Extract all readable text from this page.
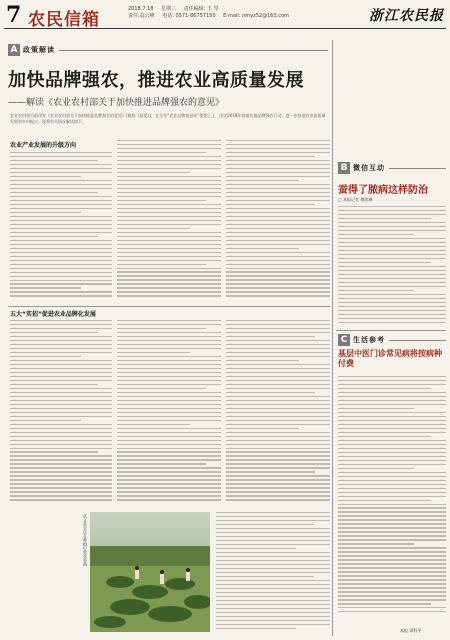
7 农民信箱
2018.7.18 星期三 责任编辑: 王 琴
责任:翁云峰 电话: 0571-86757150 E-mail: nmyz52@163.com	浙江农民报
A 政策解读
加快品牌强农，推进农业高质量发展
——解读《农业农村部关于加快推进品牌强农的意见》
农业农村部日前印发《农业农村部关于加快推进品牌强农的意见》(简称《意见》)，在全年“农业品牌推进年”重要之上，决定2018年底前实施品牌强农行动，进一步推进农业高质量发展和乡村振兴，现将有关情况解读如下。
农业产业发展的升级方向
五大“实招”促进农业品牌化发展
武义县农民在种植中收获果蔬
B 微信互动
蚕得了脓病这样防治
□ 本报记者 傅凯琳
C 生活参考
基层中医门诊常见病将按病种付费
本报 章科平
